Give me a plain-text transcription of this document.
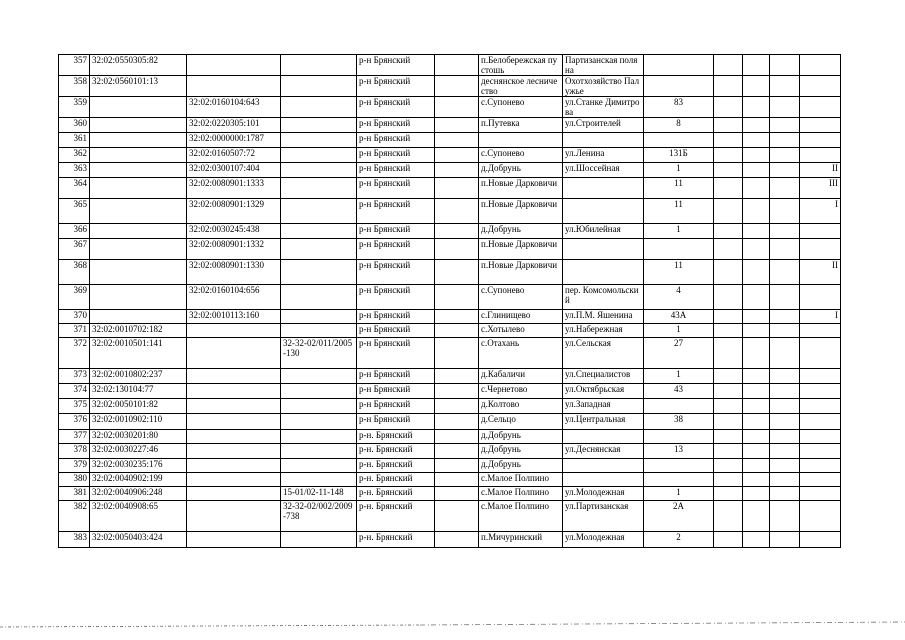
357	32:02:0550305:82			р-н Брянский		п.Белобережская пустошь	Партизанская поляна					
358	32:02:0560101:13			р-н Брянский		деснянское лесничество	Охотхозяйство Палужье					
359		32:02:0160104:643		р-н Брянский		с.Супонево	ул.Станке Димитрова	83				
360		32:02:0220305:101		р-н Брянский		п.Путевка	ул.Строителей	8				
361		32:02:0000000:1787		р-н Брянский								
362		32:02:0160507:72		р-н Брянский		с.Супонево	ул.Ленина	131Б				
363		32:02:0300107:404		р-н Брянский		д.Добрунь	ул.Шоссейная	1				II
364		32:02:0080901:1333		р-н Брянский		п.Новые Дарковичи		11				III
365		32:02:0080901:1329		р-н Брянский		п.Новые Дарковичи		11				I
366		32:02:0030245:438		р-н Брянский		д.Добрунь	ул.Юбилейная	1				
367		32:02:0080901:1332		р-н Брянский		п.Новые Дарковичи						
368		32:02:0080901:1330		р-н Брянский		п.Новые Дарковичи		11				II
369		32:02:0160104:656		р-н Брянский		с.Супонево	пер. Комсомольский	4				
370		32:02:0010113:160		р-н Брянский		с.Глинищево	ул.П.М. Яшенина	43А				I
371	32:02:0010702:182			р-н Брянский		с.Хотылево	ул.Набережная	1				
372	32:02:0010501:141		32-32-02/011/2005-130	р-н Брянский		с.Отахань	ул.Сельская	27				
373	32:02:0010802:237			р-н Брянский		д.Кабаличи	ул.Специалистов	1				
374	32:02:130104:77			р-н Брянский		с.Чернетово	ул.Октябрьская	43				
375	32:02:0050101:82			р-н Брянский		д.Колтово	ул.Западная					
376	32:02:0010902:110			р-н Брянский		д.Сельцо	ул.Центральная	38				
377	32:02:0030201:80			р-н. Брянский		д.Добрунь						
378	32:02:0030227:46			р-н. Брянский		д.Добрунь	ул.Деснянская	13				
379	32:02:0030235:176			р-н. Брянский		д.Добрунь						
380	32:02:0040902:199			р-н. Брянский		с.Малое Полпино						
381	32:02:0040906:248		15-01/02-11-148	р-н. Брянский		с.Малое Полпино	ул.Молодежная	1				
382	32:02:0040908:65		32-32-02/002/2009-738	р-н. Брянский		с.Малое Полпино	ул.Партизанская	2А				
383	32:02:0050403:424			р-н. Брянский		п.Мичуринский	ул.Молодежная	2				
